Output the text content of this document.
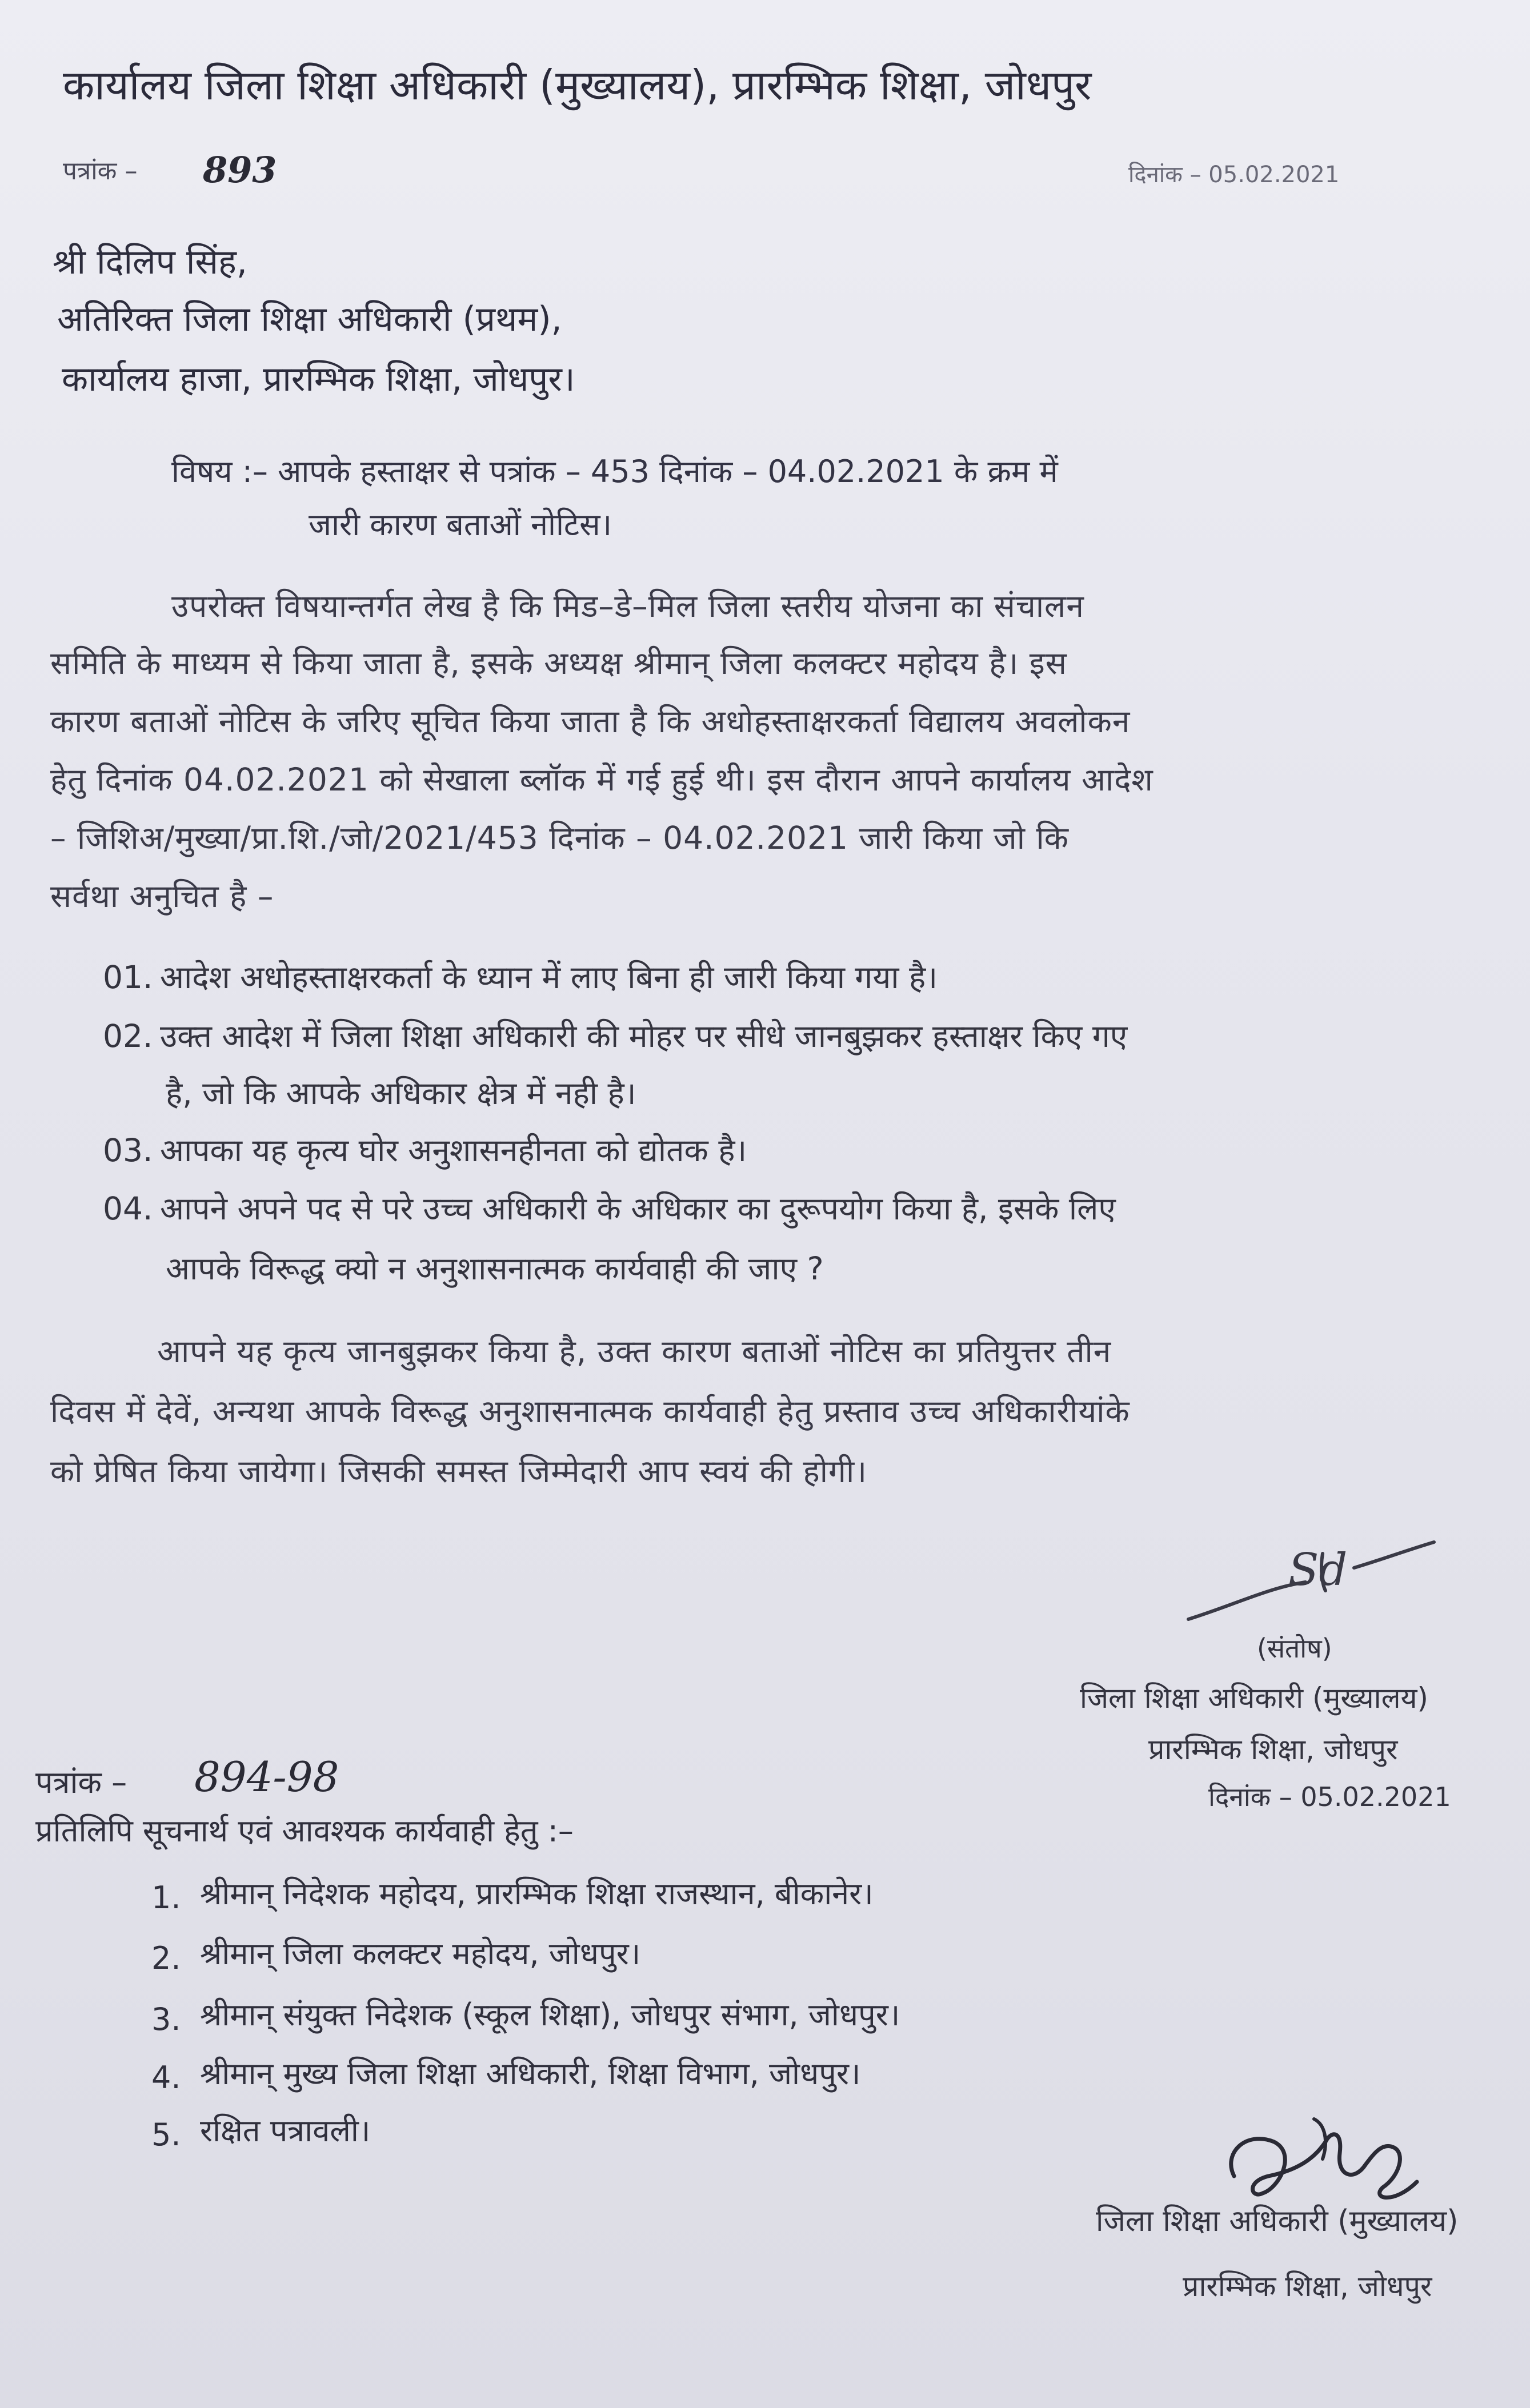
कार्यालय जिला शिक्षा अधिकारी (मुख्यालय), प्रारम्भिक शिक्षा, जोधपुर
पत्रांक – 893	दिनांक – 05.02.2021
श्री दिलिप सिंह,
अतिरिक्त जिला शिक्षा अधिकारी (प्रथम),
कार्यालय हाजा, प्रारम्भिक शिक्षा, जोधपुर।
विषय :– आपके हस्ताक्षर से पत्रांक – 453 दिनांक – 04.02.2021 के क्रम में
जारी कारण बताओं नोटिस।
उपरोक्त विषयान्तर्गत लेख है कि मिड–डे–मिल जिला स्तरीय योजना का संचालन
समिति के माध्यम से किया जाता है, इसके अध्यक्ष श्रीमान् जिला कलक्टर महोदय है। इस
कारण बताओं नोटिस के जरिए सूचित किया जाता है कि अधोहस्ताक्षरकर्ता विद्यालय अवलोकन
हेतु दिनांक 04.02.2021 को सेखाला ब्लॉक में गई हुई थी। इस दौरान आपने कार्यालय आदेश
– जिशिअ/मुख्या/प्रा.शि./जो/2021/453 दिनांक – 04.02.2021 जारी किया जो कि
सर्वथा अनुचित है –
01. आदेश अधोहस्ताक्षरकर्ता के ध्यान में लाए बिना ही जारी किया गया है।
02. उक्त आदेश में जिला शिक्षा अधिकारी की मोहर पर सीधे जानबुझकर हस्ताक्षर किए गए
है, जो कि आपके अधिकार क्षेत्र में नही है।
03. आपका यह कृत्य घोर अनुशासनहीनता को द्योतक है।
04. आपने अपने पद से परे उच्च अधिकारी के अधिकार का दुरूपयोग किया है, इसके लिए
आपके विरूद्ध क्यो न अनुशासनात्मक कार्यवाही की जाए ?
आपने यह कृत्य जानबुझकर किया है, उक्त कारण बताओं नोटिस का प्रतियुत्तर तीन
दिवस में देवें, अन्यथा आपके विरूद्ध अनुशासनात्मक कार्यवाही हेतु प्रस्ताव उच्च अधिकारीयांके
को प्रेषित किया जायेगा। जिसकी समस्त जिम्मेदारी आप स्वयं की होगी।
Sd
(संतोष)
जिला शिक्षा अधिकारी (मुख्यालय)
प्रारम्भिक शिक्षा, जोधपुर
दिनांक – 05.02.2021
पत्रांक – 894-98
प्रतिलिपि सूचनार्थ एवं आवश्यक कार्यवाही हेतु :–
1. श्रीमान् निदेशक महोदय, प्रारम्भिक शिक्षा राजस्थान, बीकानेर।
2. श्रीमान् जिला कलक्टर महोदय, जोधपुर।
3. श्रीमान् संयुक्त निदेशक (स्कूल शिक्षा), जोधपुर संभाग, जोधपुर।
4. श्रीमान् मुख्य जिला शिक्षा अधिकारी, शिक्षा विभाग, जोधपुर।
5. रक्षित पत्रावली।
जिला शिक्षा अधिकारी (मुख्यालय)
प्रारम्भिक शिक्षा, जोधपुर
